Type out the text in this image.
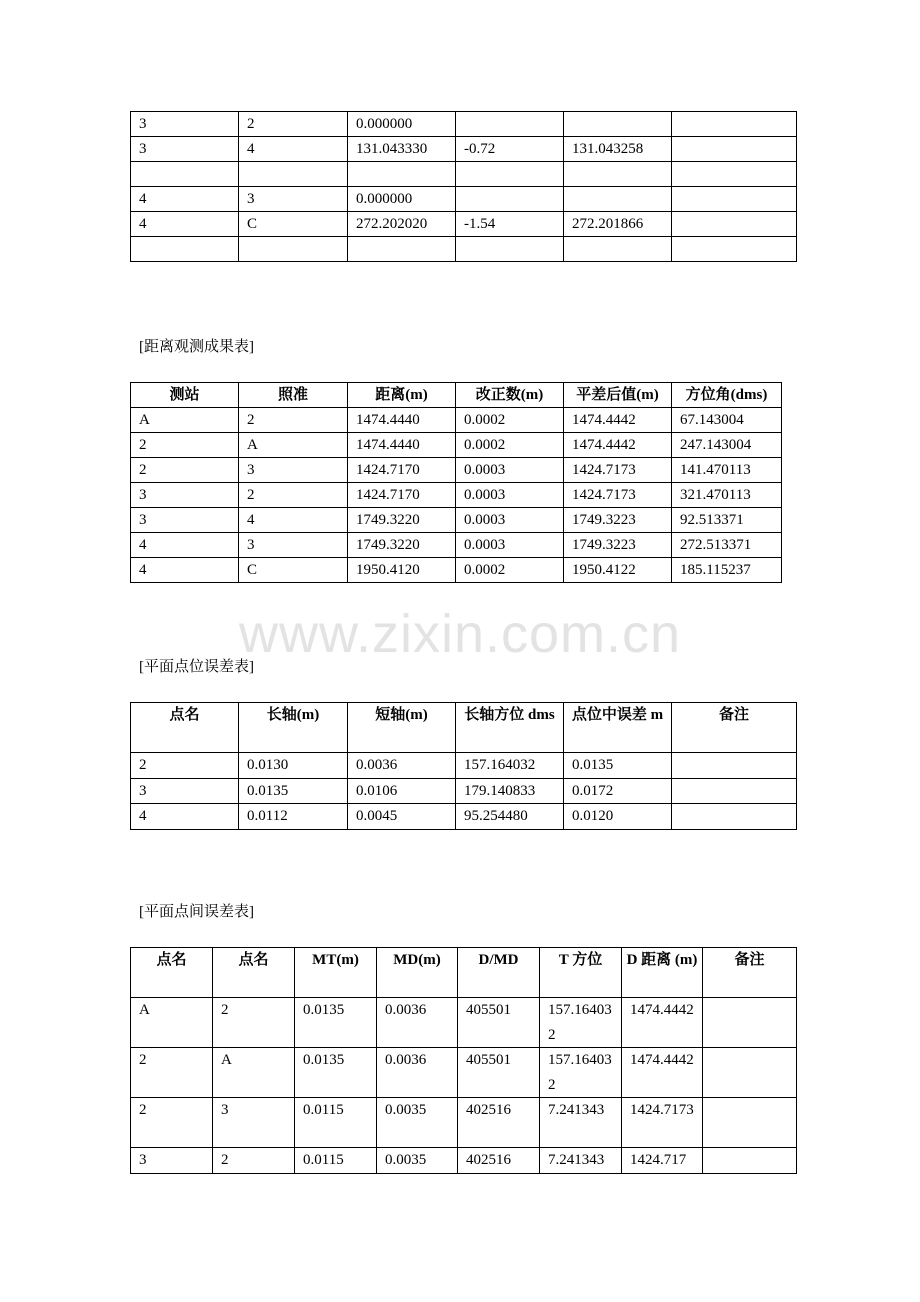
3	2	0.000000			
3	4	131.043330	-0.72	131.043258	

4	3	0.000000			
4	C	272.202020	-1.54	272.201866	

[距离观测成果表]
测站	照准	距离(m)	改正数(m)	平差后值(m)	方位角(dms)
A	2	1474.4440	0.0002	1474.4442	67.143004
2	A	1474.4440	0.0002	1474.4442	247.143004
2	3	1424.7170	0.0003	1424.7173	141.470113
3	2	1424.7170	0.0003	1424.7173	321.470113
3	4	1749.3220	0.0003	1749.3223	92.513371
4	3	1749.3220	0.0003	1749.3223	272.513371
4	C	1950.4120	0.0002	1950.4122	185.115237
www.zixin.com.cn
[平面点位误差表]
点名	长轴(m)	短轴(m)	长轴方位 dms	点位中误差 m	备注
2	0.0130	0.0036	157.164032	0.0135	
3	0.0135	0.0106	179.140833	0.0172	
4	0.0112	0.0045	95.254480	0.0120	
[平面点间误差表]
点名	点名	MT(m)	MD(m)	D/MD	T 方位	D 距离 (m)	备注
A	2	0.0135	0.0036	405501	157.164032	1474.4442	
2	A	0.0135	0.0036	405501	157.164032	1474.4442	
2	3	0.0115	0.0035	402516	7.241343	1424.7173	
3	2	0.0115	0.0035	402516	7.241343	1424.717	
